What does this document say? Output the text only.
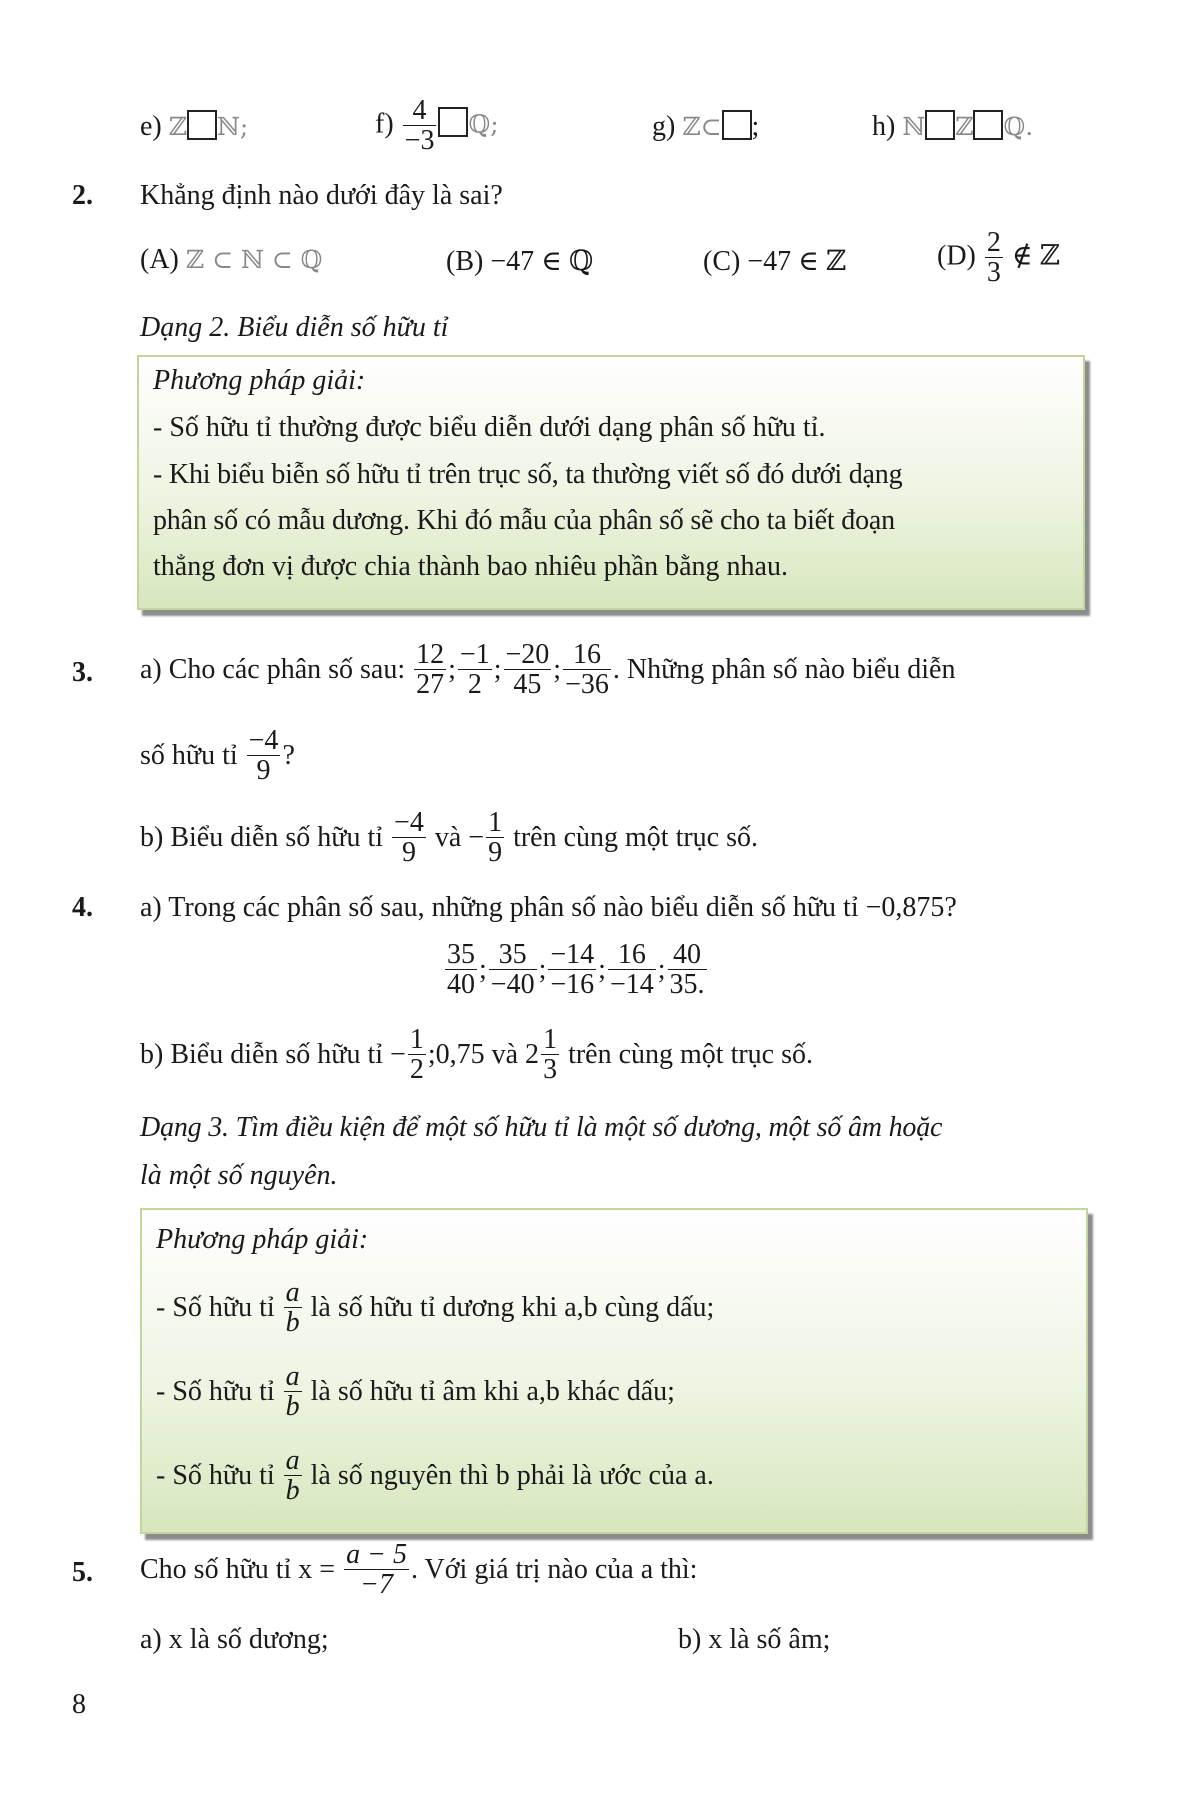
e) ℤ ℕ;	$f) \frac{4}{-3}$ ℚ;	g) ℤ⊂ ;	h) ℕ ℤ ℚ.
2. Khẳng định nào dưới đây là sai?
(A) ℤ ⊂ ℕ ⊂ ℚ	(B) −47 ∈ ℚ	(C) −47 ∈ ℤ	$(D) \frac{2}{3}$ ∉ ℤ
Dạng 2. Biểu diễn số hữu tỉ
Phương pháp giải:
- Số hữu tỉ thường được biểu diễn dưới dạng phân số hữu tỉ.
- Khi biểu biễn số hữu tỉ trên trục số, ta thường viết số đó dưới dạng
phân số có mẫu dương. Khi đó mẫu của phân số sẽ cho ta biết đoạn
thẳng đơn vị được chia thành bao nhiêu phần bằng nhau.
3. a) Cho các phân số sau: $\frac{12}{27}$ ; $\frac{-1}{2}$ ; $\frac{-20}{45}$ ; $\frac{16}{-36}$ . Những phân số nào biểu diễn
số hữu tỉ $\frac{-4}{9}$ ?
b) Biểu diễn số hữu tỉ $\frac{-4}{9}$ và − $\frac{1}{9}$ trên cùng một trục số.
4. a) Trong các phân số sau, những phân số nào biểu diễn số hữu tỉ −0,875?
$\frac{35}{40}$ ; $\frac{35}{-40}$ ; $\frac{-14}{-16}$ ; $\frac{16}{-14}$ ; $\frac{40}{35.}$
b) Biểu diễn số hữu tỉ − $\frac{1}{2}$ ;0,75 và $2 \frac{1}{3}$ trên cùng một trục số.
Dạng 3. Tìm điều kiện để một số hữu tỉ là một số dương, một số âm hoặc
là một số nguyên.
Phương pháp giải:
- Số hữu tỉ $\frac{a}{b}$ là số hữu tỉ dương khi a,b cùng dấu;
- Số hữu tỉ $\frac{a}{b}$ là số hữu tỉ âm khi a,b khác dấu;
- Số hữu tỉ $\frac{a}{b}$ là số nguyên thì b phải là ước của a.
5. Cho số hữu tỉ $x = \frac{a - 5}{-7}$ . Với giá trị nào của a thì:
a) x là số dương;	b) x là số âm;
8
